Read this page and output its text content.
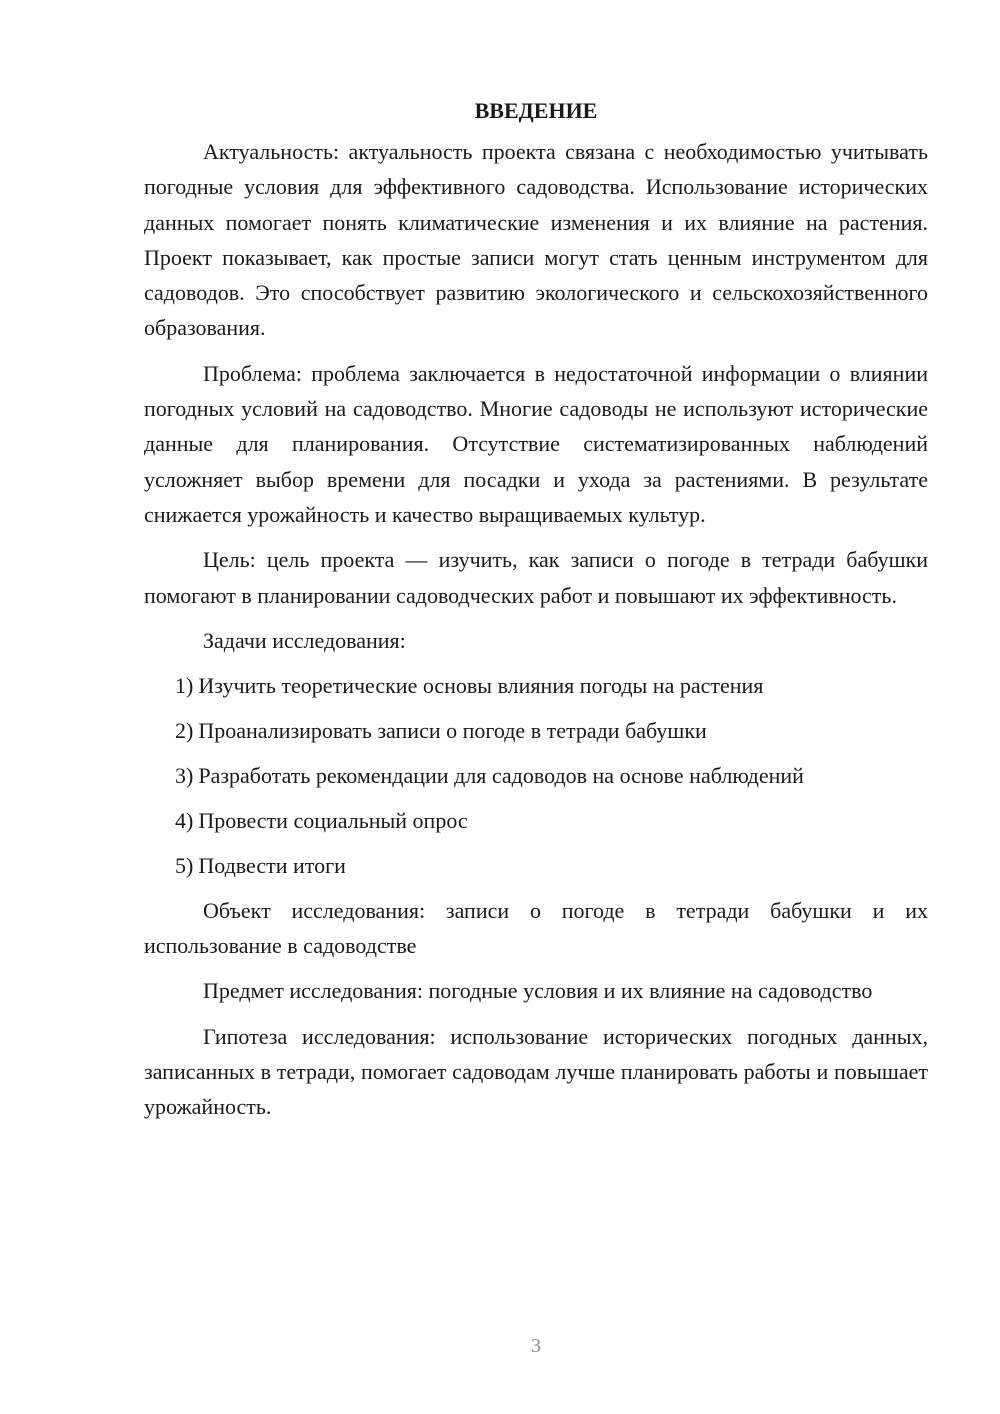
ВВЕДЕНИЕ

Актуальность: актуальность проекта связана с необходимостью учитывать погодные условия для эффективного садоводства. Использование исторических данных помогает понять климатические изменения и их влияние на растения. Проект показывает, как простые записи могут стать ценным инструментом для садоводов. Это способствует развитию экологического и сельскохозяйственного образования.

Проблема: проблема заключается в недостаточной информации о влиянии погодных условий на садоводство. Многие садоводы не используют исторические данные для планирования. Отсутствие систематизированных наблюдений усложняет выбор времени для посадки и ухода за растениями. В результате снижается урожайность и качество выращиваемых культур.

Цель: цель проекта — изучить, как записи о погоде в тетради бабушки помогают в планировании садоводческих работ и повышают их эффективность.

Задачи исследования:

1) Изучить теоретические основы влияния погоды на растения
2) Проанализировать записи о погоде в тетради бабушки
3) Разработать рекомендации для садоводов на основе наблюдений
4) Провести социальный опрос
5) Подвести итоги

Объект исследования: записи о погоде в тетради бабушки и их использование в садоводстве

Предмет исследования: погодные условия и их влияние на садоводство

Гипотеза исследования: использование исторических погодных данных, записанных в тетради, помогает садоводам лучше планировать работы и повышает урожайность.

3
